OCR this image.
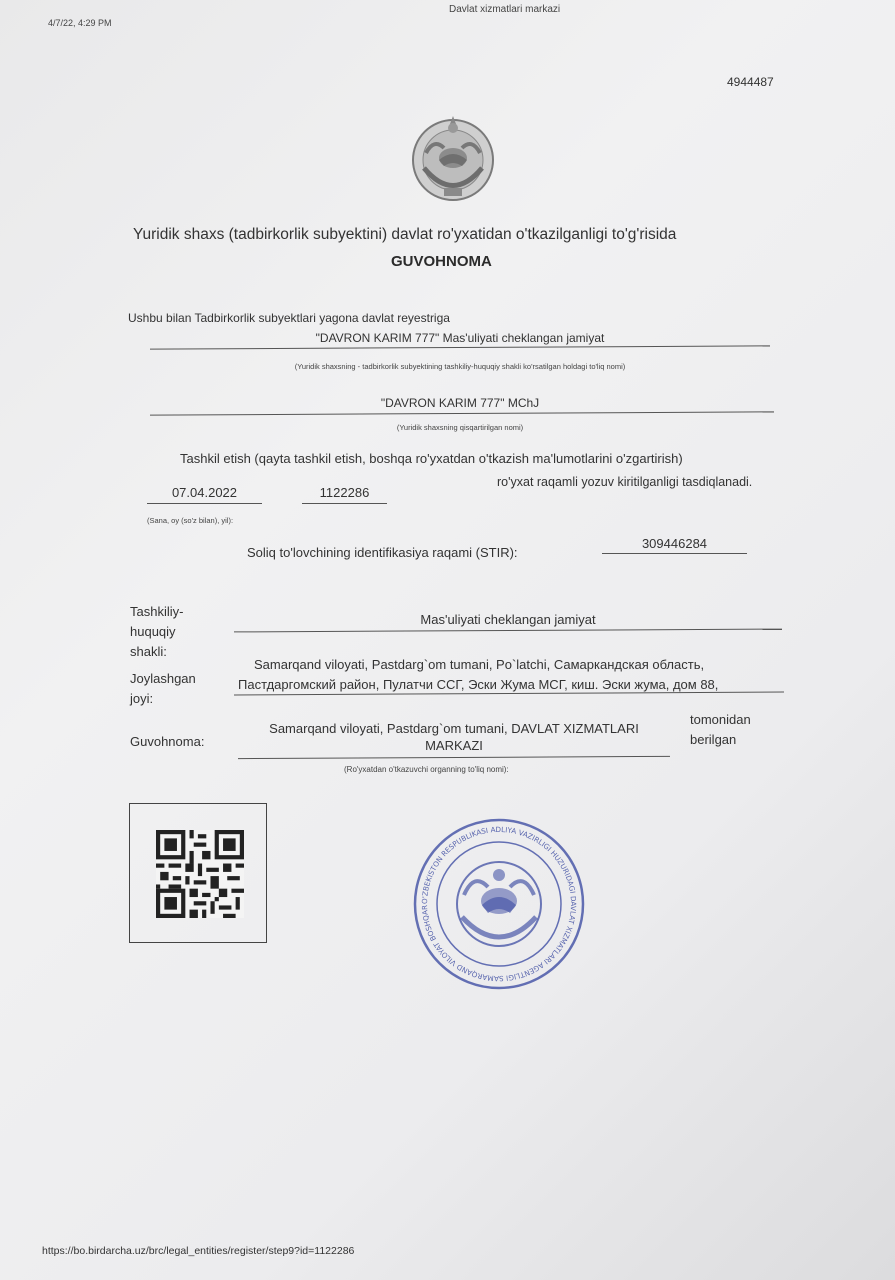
4/7/22, 4:29 PM
Davlat xizmatlari markazi
4944487
Yuridik shaxs (tadbirkorlik subyektini) davlat ro'yxatidan o'tkazilganligi to'g'risida
GUVOHNOMA
Ushbu bilan Tadbirkorlik subyektlari yagona davlat reyestriga
"DAVRON KARIM 777" Mas'uliyati cheklangan jamiyat
(Yuridik shaxsning - tadbirkorlik subyektining tashkiliy-huquqiy shakli ko'rsatilgan holdagi to'liq nomi)
"DAVRON KARIM 777" MChJ
(Yuridik shaxsning qisqartirilgan nomi)
Tashkil etish (qayta tashkil etish, boshqa ro'yxatdan o'tkazish ma'lumotlarini o'zgartirish)
07.04.2022	1122286
ro'yxat raqamli yozuv kiritilganligi tasdiqlanadi.
(Sana, oy (so'z bilan), yil):
Soliq to'lovchining identifikasiya raqami (STIR):
309446284
Tashkiliy-
huquqiy
shakli:
Mas'uliyati cheklangan jamiyat
Joylashgan
joyi:
Samarqand viloyati, Pastdarg`om tumani, Po`latchi, Самаркандская область,
Пастдаргомский район, Пулатчи ССГ, Эски Жума МСГ, киш. Эски жума, дом 88,
Guvohnoma:
Samarqand viloyati, Pastdarg`om tumani, DAVLAT XIZMATLARI
MARKAZI
tomonidan
berilgan
(Ro'yxatdan o'tkazuvchi organning to'liq nomi):
O'ZBEKISTON RESPUBLIKASI ADLIYA VAZIRLIGI HUZURIDAGI DAVLAT XIZMATLARI AGENTLIGI SAMARQAND VILOYAT BOSHQAR
https://bo.birdarcha.uz/brc/legal_entities/register/step9?id=1122286
